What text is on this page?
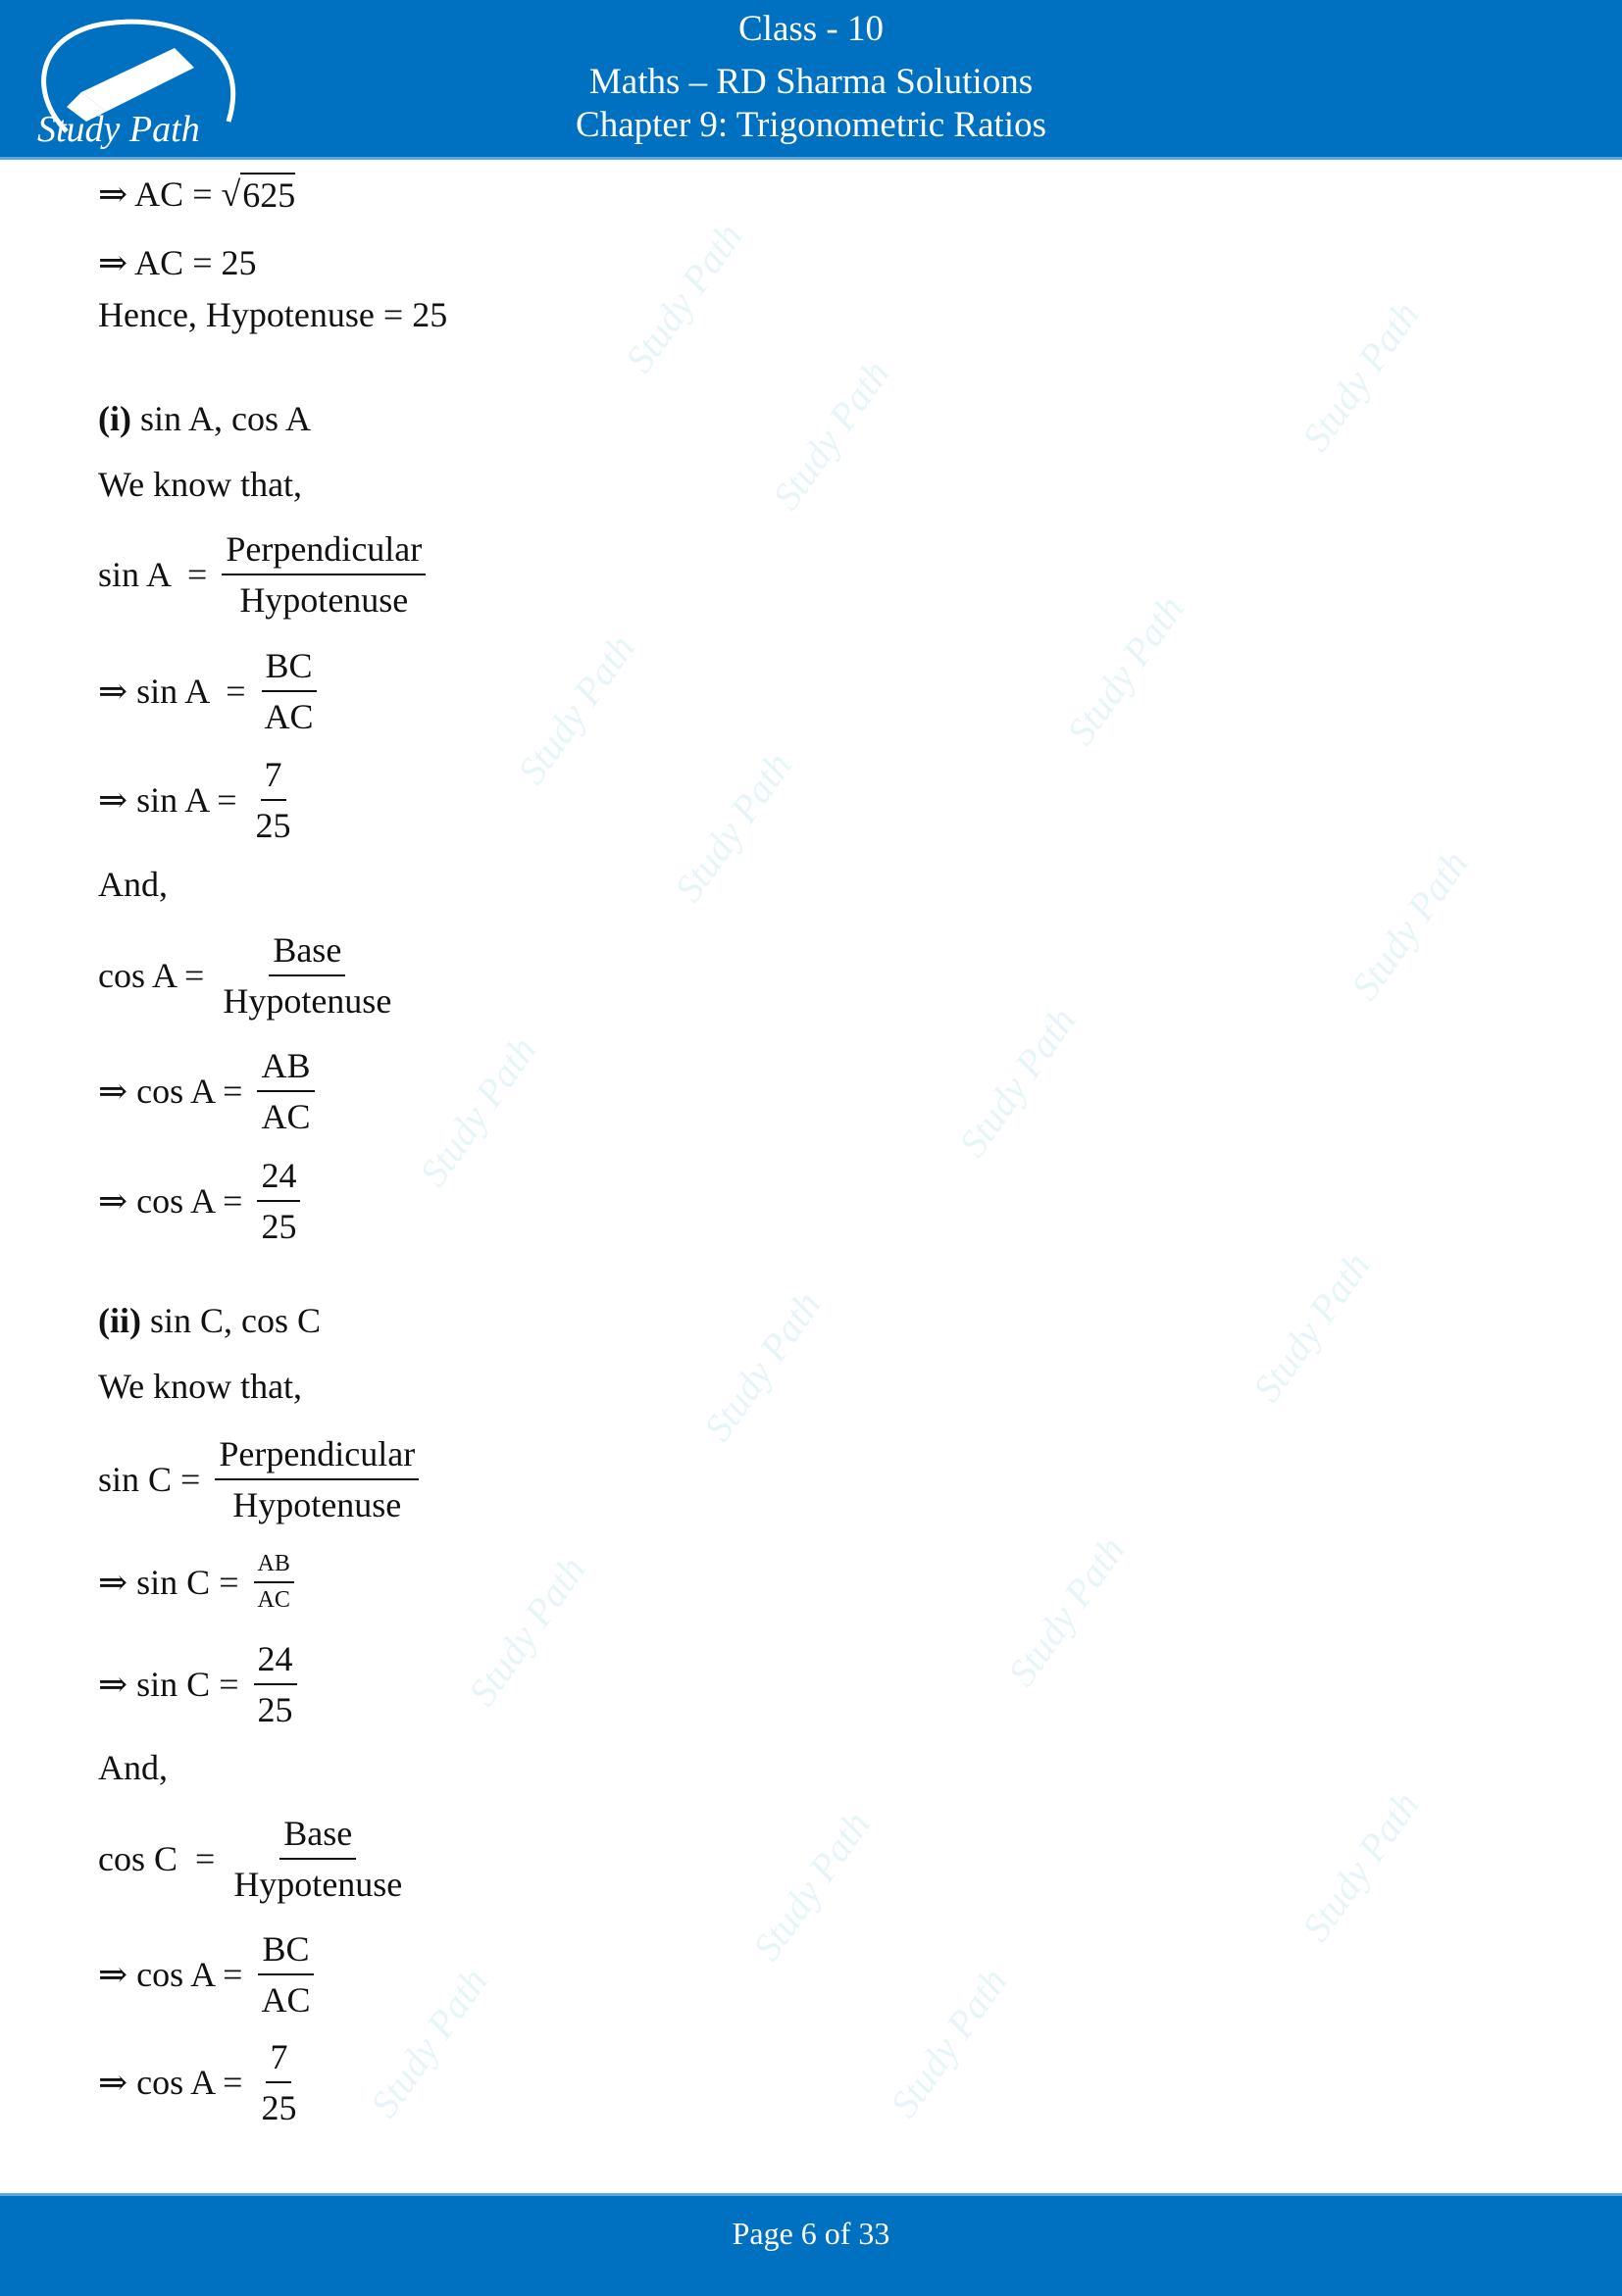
Study Path
Class - 10
Maths – RD Sharma Solutions
Chapter 9: Trigonometric Ratios
Study Path	Study Path
Study Path
Study Path	Study Path
Study Path
Study Path
Study Path	Study Path
Study Path	Study Path
Study Path	Study Path
Study Path	Study Path
Study Path	Study Path
⇒ AC = √ 625
⇒ AC = 25
Hence, Hypotenuse = 25
(i) sin A, cos A
We know that,
$\sin A = \frac{\text{Perpendicular}}{\text{Hypotenuse}}$
⇒ $\sin A = \frac{BC}{AC}$
⇒ $\sin A = \frac{7}{25}$
And,
$\cos A = \frac{\text{Base}}{\text{Hypotenuse}}$
⇒ $\cos A = \frac{AB}{AC}$
⇒ $\cos A = \frac{24}{25}$
(ii) sin C, cos C
We know that,
$\sin C = \frac{\text{Perpendicular}}{\text{Hypotenuse}}$
⇒ $\sin C = \frac{AB}{AC}$
⇒ $\sin C = \frac{24}{25}$
And,
$\cos C = \frac{\text{Base}}{\text{Hypotenuse}}$
⇒ $\cos A = \frac{BC}{AC}$
⇒ $\cos A = \frac{7}{25}$
Page 6 of 33
